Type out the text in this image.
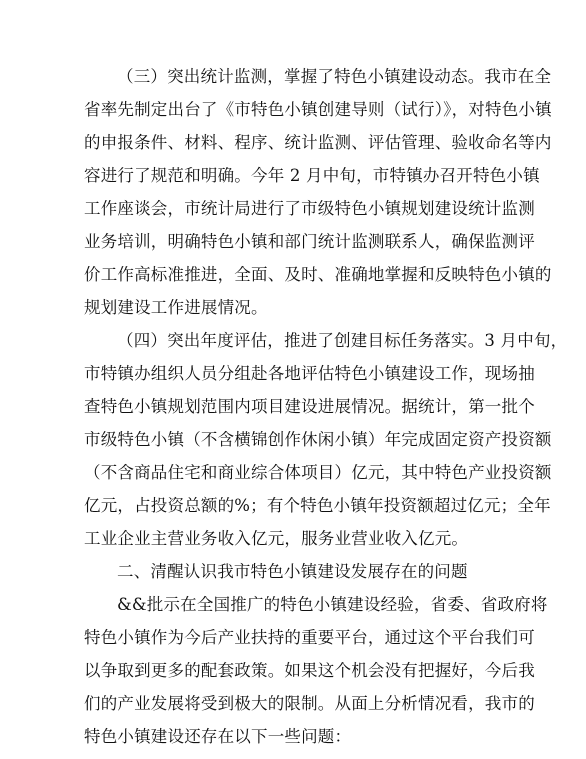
（三）突出统计监测，掌握了特色小镇建设动态。我市在全
省率先制定出台了《市特色小镇创建导则（试行）》，对特色小镇
的申报条件、材料、程序、统计监测、评估管理、验收命名等内
容进行了规范和明确。今年 2 月中旬，市特镇办召开特色小镇
工作座谈会，市统计局进行了市级特色小镇规划建设统计监测
业务培训，明确特色小镇和部门统计监测联系人，确保监测评
价工作高标准推进，全面、及时、准确地掌握和反映特色小镇的
规划建设工作进展情况。
（四）突出年度评估，推进了创建目标任务落实。3 月中旬，
市特镇办组织人员分组赴各地评估特色小镇建设工作，现场抽
查特色小镇规划范围内项目建设进展情况。据统计，第一批个
市级特色小镇（不含横锦创作休闲小镇）年完成固定资产投资额
（不含商品住宅和商业综合体项目）亿元，其中特色产业投资额
亿元，占投资总额的%；有个特色小镇年投资额超过亿元；全年
工业企业主营业务收入亿元，服务业营业收入亿元。
二、清醒认识我市特色小镇建设发展存在的问题
&&批示在全国推广的特色小镇建设经验，省委、省政府将
特色小镇作为今后产业扶持的重要平台，通过这个平台我们可
以争取到更多的配套政策。如果这个机会没有把握好，今后我
们的产业发展将受到极大的限制。从面上分析情况看，我市的
特色小镇建设还存在以下一些问题：
